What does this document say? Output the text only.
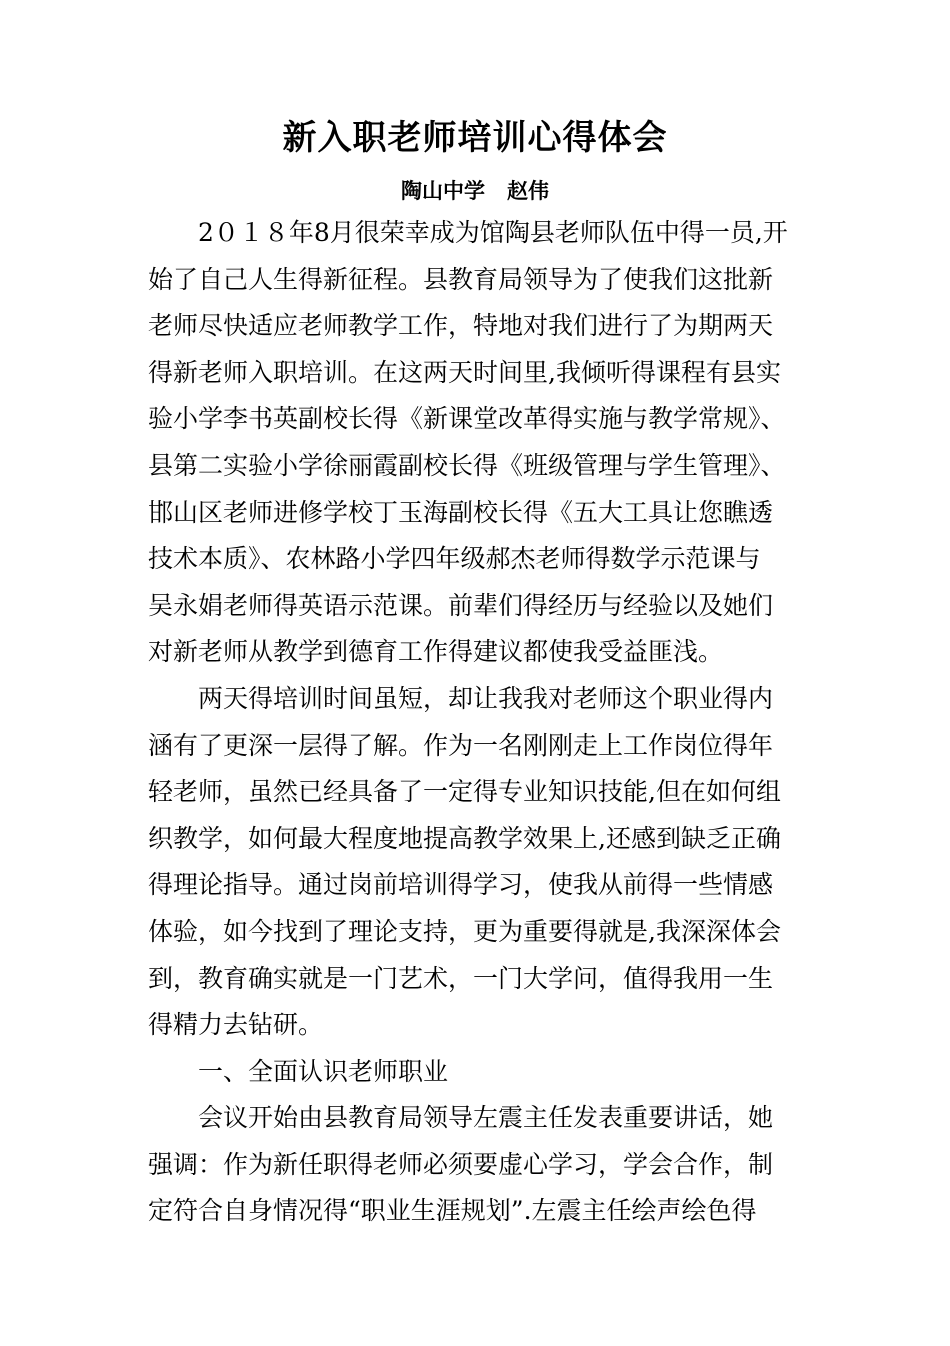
新入职老师培训心得体会
陶山中学   赵伟
2０１８年8月很荣幸成为馆陶县老师队伍中得一员,开
始了自己人生得新征程。县教育局领导为了使我们这批新
老师尽快适应老师教学工作，特地对我们进行了为期两天
得新老师入职培训。在这两天时间里,我倾听得课程有县实
验小学李书英副校长得《新课堂改革得实施与教学常规》、
县第二实验小学徐丽霞副校长得《班级管理与学生管理》、
邯山区老师进修学校丁玉海副校长得《五大工具让您瞧透
技术本质》、农林路小学四年级郝杰老师得数学示范课与
吴永娟老师得英语示范课。前辈们得经历与经验以及她们
对新老师从教学到德育工作得建议都使我受益匪浅。
两天得培训时间虽短，却让我我对老师这个职业得内
涵有了更深一层得了解。作为一名刚刚走上工作岗位得年
轻老师，虽然已经具备了一定得专业知识技能,但在如何组
织教学，如何最大程度地提高教学效果上,还感到缺乏正确
得理论指导。通过岗前培训得学习，使我从前得一些情感
体验，如今找到了理论支持，更为重要得就是,我深深体会
到，教育确实就是一门艺术，一门大学问，值得我用一生
得精力去钻研。
一、全面认识老师职业
会议开始由县教育局领导左震主任发表重要讲话，她
强调：作为新任职得老师必须要虚心学习，学会合作，制
定符合自身情况得“职业生涯规划”.左震主任绘声绘色得
